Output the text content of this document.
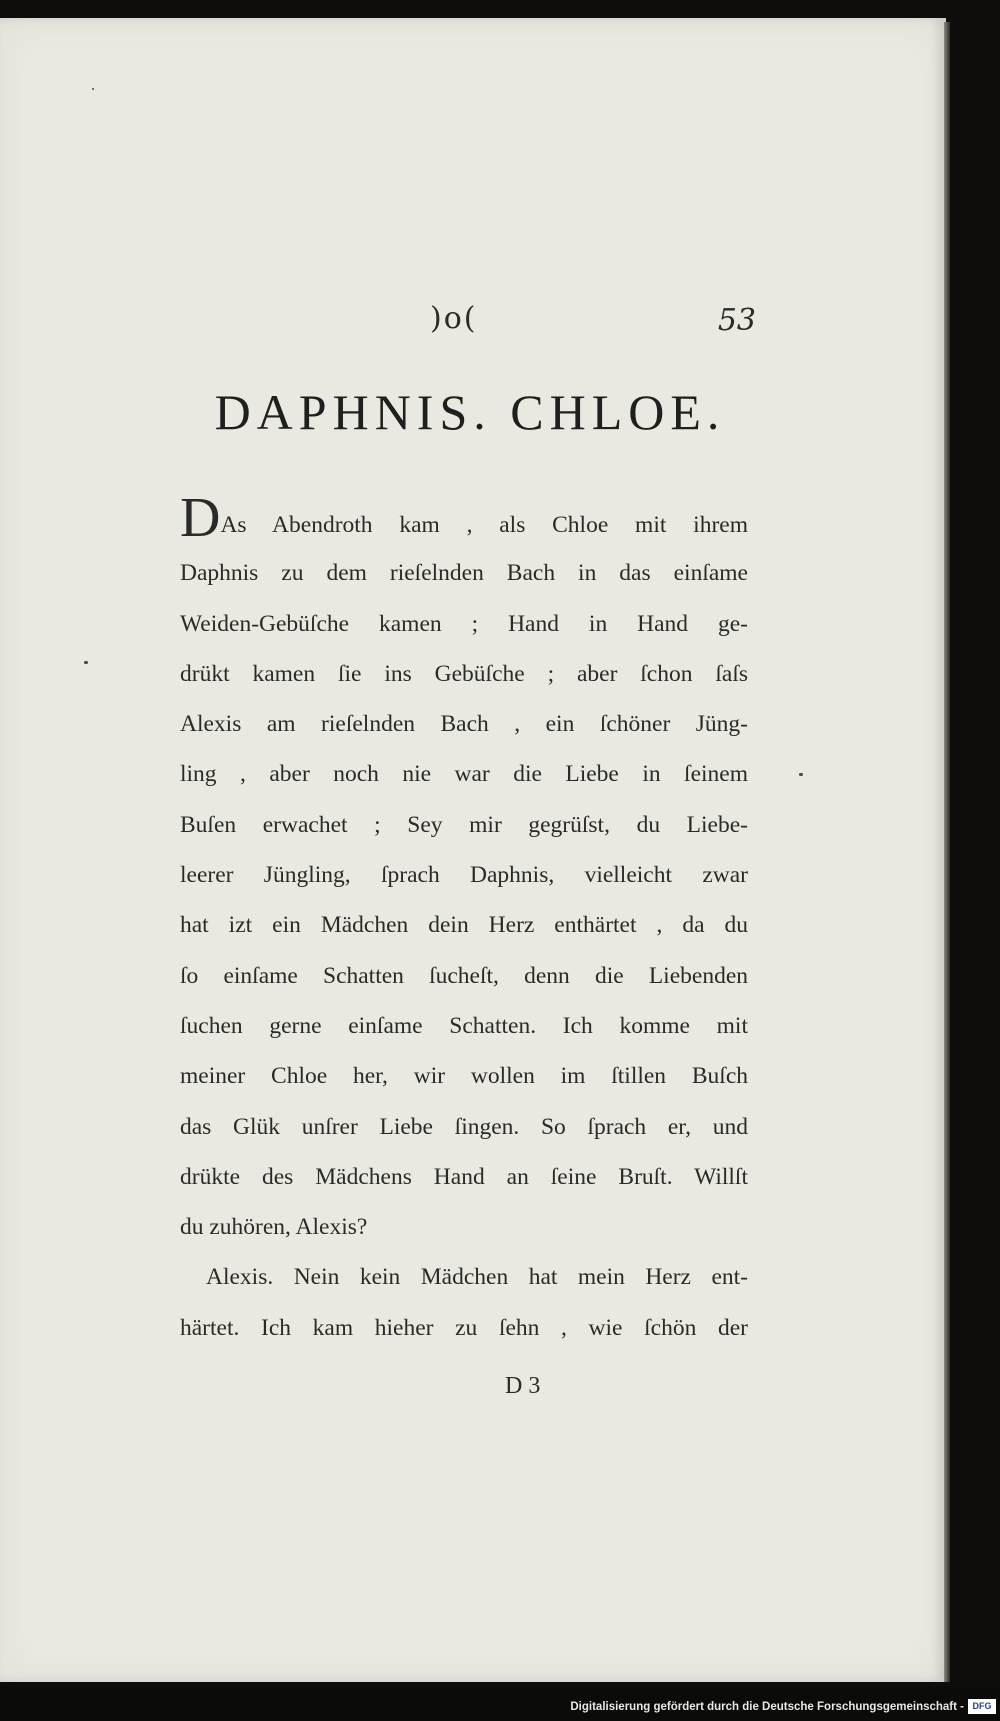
)o(	53
DAPHNIS. CHLOE.
DAs Abendroth kam , als Chloe mit ihrem
Daphnis zu dem rieſelnden Bach in das einſame
Weiden-Gebüſche kamen ; Hand in Hand ge-
drükt kamen ſie ins Gebüſche ; aber ſchon ſaſs
Alexis am rieſelnden Bach , ein ſchöner Jüng-
ling , aber noch nie war die Liebe in ſeinem
Buſen erwachet ; Sey mir gegrüſst, du Liebe-
leerer Jüngling, ſprach Daphnis, vielleicht zwar
hat izt ein Mädchen dein Herz enthärtet , da du
ſo einſame Schatten ſucheſt, denn die Liebenden
ſuchen gerne einſame Schatten. Ich komme mit
meiner Chloe her, wir wollen im ſtillen Buſch
das Glük unſrer Liebe ſingen. So ſprach er, und
drükte des Mädchens Hand an ſeine Bruſt. Willſt
du zuhören, Alexis?
Alexis. Nein kein Mädchen hat mein Herz ent-
härtet. Ich kam hieher zu ſehn , wie ſchön der
D 3
Digitalisierung gefördert durch die Deutsche Forschungsgemeinschaft - DFG
